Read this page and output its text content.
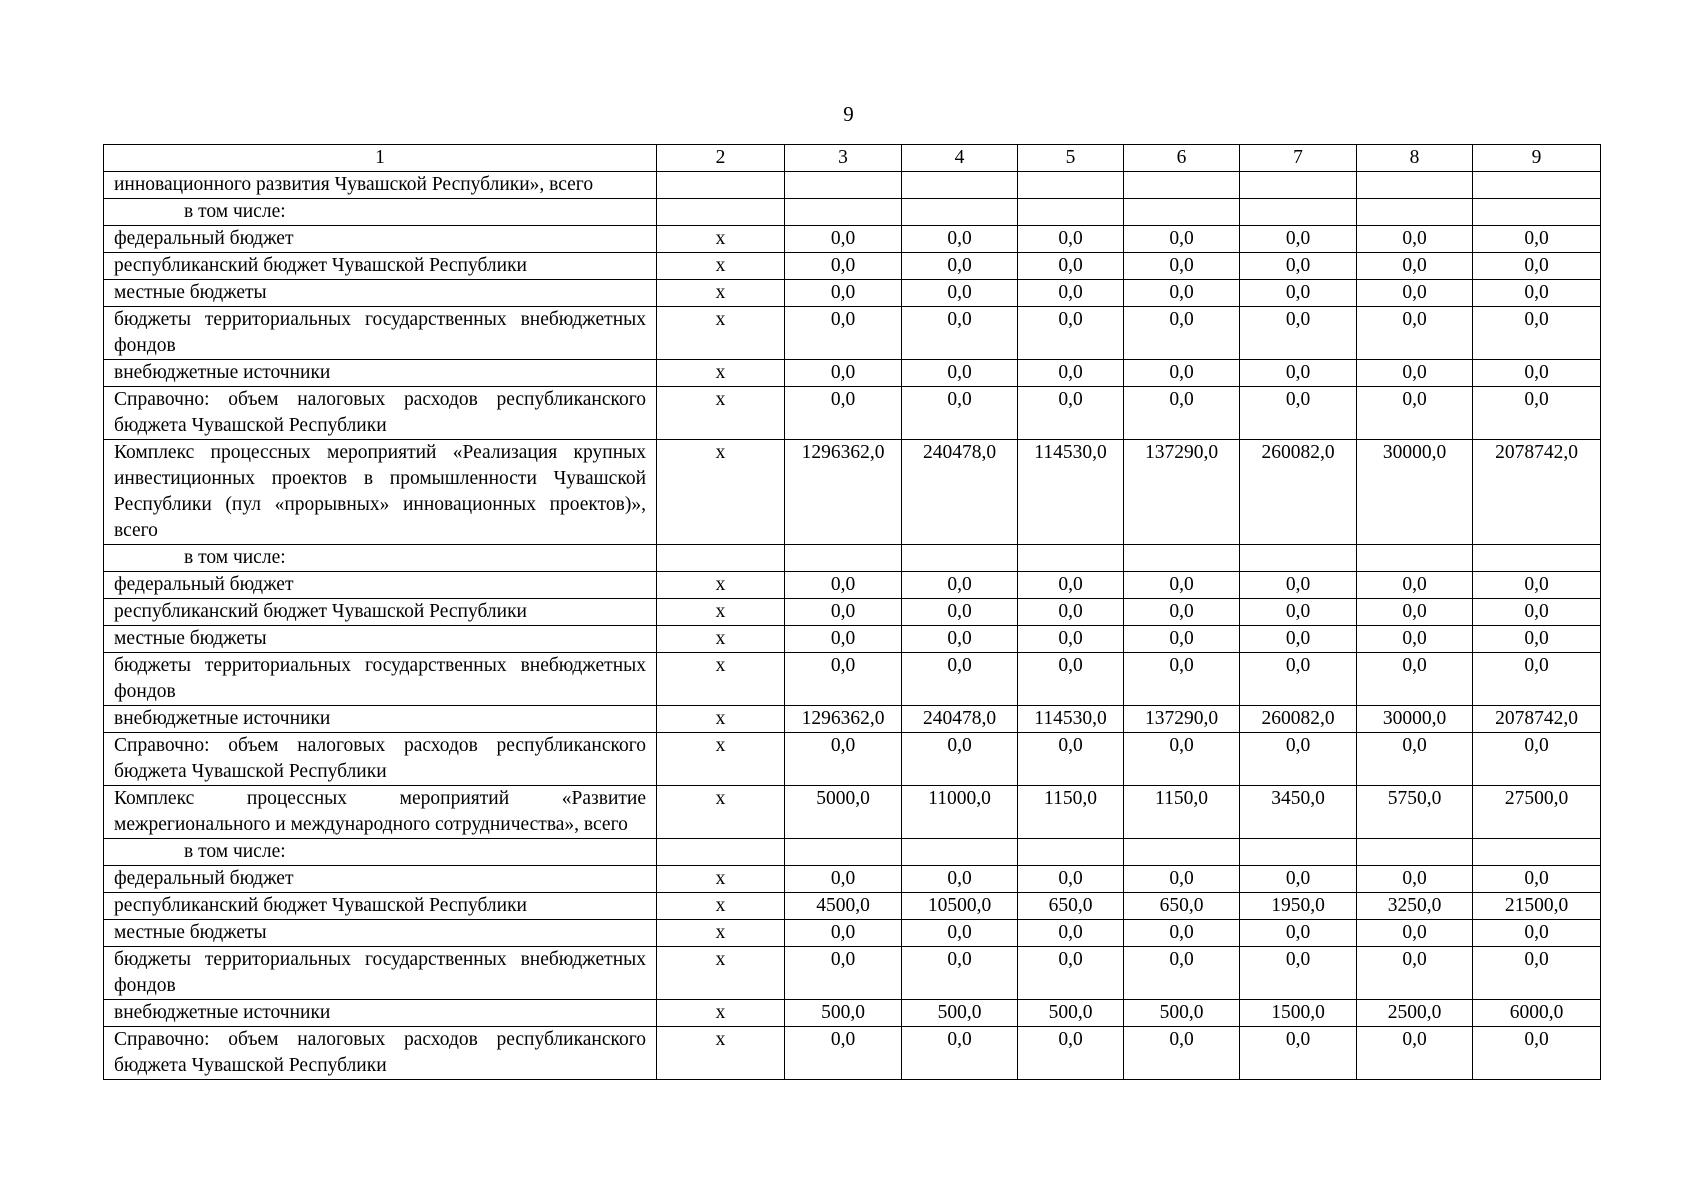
9
1	2	3	4	5	6	7	8	9
инновационного развития Чувашской Республики», всего								
в том числе:								
федеральный бюджет	х	0,0	0,0	0,0	0,0	0,0	0,0	0,0
республиканский бюджет Чувашской Республики	х	0,0	0,0	0,0	0,0	0,0	0,0	0,0
местные бюджеты	х	0,0	0,0	0,0	0,0	0,0	0,0	0,0
бюджеты территориальных государственных внебюджетных фондов	х	0,0	0,0	0,0	0,0	0,0	0,0	0,0
внебюджетные источники	х	0,0	0,0	0,0	0,0	0,0	0,0	0,0
Справочно: объем налоговых расходов республиканского бюджета Чувашской Республики	х	0,0	0,0	0,0	0,0	0,0	0,0	0,0
Комплекс процессных мероприятий «Реализация крупных инвестиционных проектов в промышленности Чувашской Республики (пул «прорывных» инновационных проектов)», всего	х	1296362,0	240478,0	114530,0	137290,0	260082,0	30000,0	2078742,0
в том числе:								
федеральный бюджет	х	0,0	0,0	0,0	0,0	0,0	0,0	0,0
республиканский бюджет Чувашской Республики	х	0,0	0,0	0,0	0,0	0,0	0,0	0,0
местные бюджеты	х	0,0	0,0	0,0	0,0	0,0	0,0	0,0
бюджеты территориальных государственных внебюджетных фондов	х	0,0	0,0	0,0	0,0	0,0	0,0	0,0
внебюджетные источники	х	1296362,0	240478,0	114530,0	137290,0	260082,0	30000,0	2078742,0
Справочно: объем налоговых расходов республиканского бюджета Чувашской Республики	х	0,0	0,0	0,0	0,0	0,0	0,0	0,0
Комплекс процессных мероприятий «Развитие межрегионального и международного сотрудничества», всего	х	5000,0	11000,0	1150,0	1150,0	3450,0	5750,0	27500,0
в том числе:								
федеральный бюджет	х	0,0	0,0	0,0	0,0	0,0	0,0	0,0
республиканский бюджет Чувашской Республики	х	4500,0	10500,0	650,0	650,0	1950,0	3250,0	21500,0
местные бюджеты	х	0,0	0,0	0,0	0,0	0,0	0,0	0,0
бюджеты территориальных государственных внебюджетных фондов	х	0,0	0,0	0,0	0,0	0,0	0,0	0,0
внебюджетные источники	х	500,0	500,0	500,0	500,0	1500,0	2500,0	6000,0
Справочно: объем налоговых расходов республиканского бюджета Чувашской Республики	х	0,0	0,0	0,0	0,0	0,0	0,0	0,0
